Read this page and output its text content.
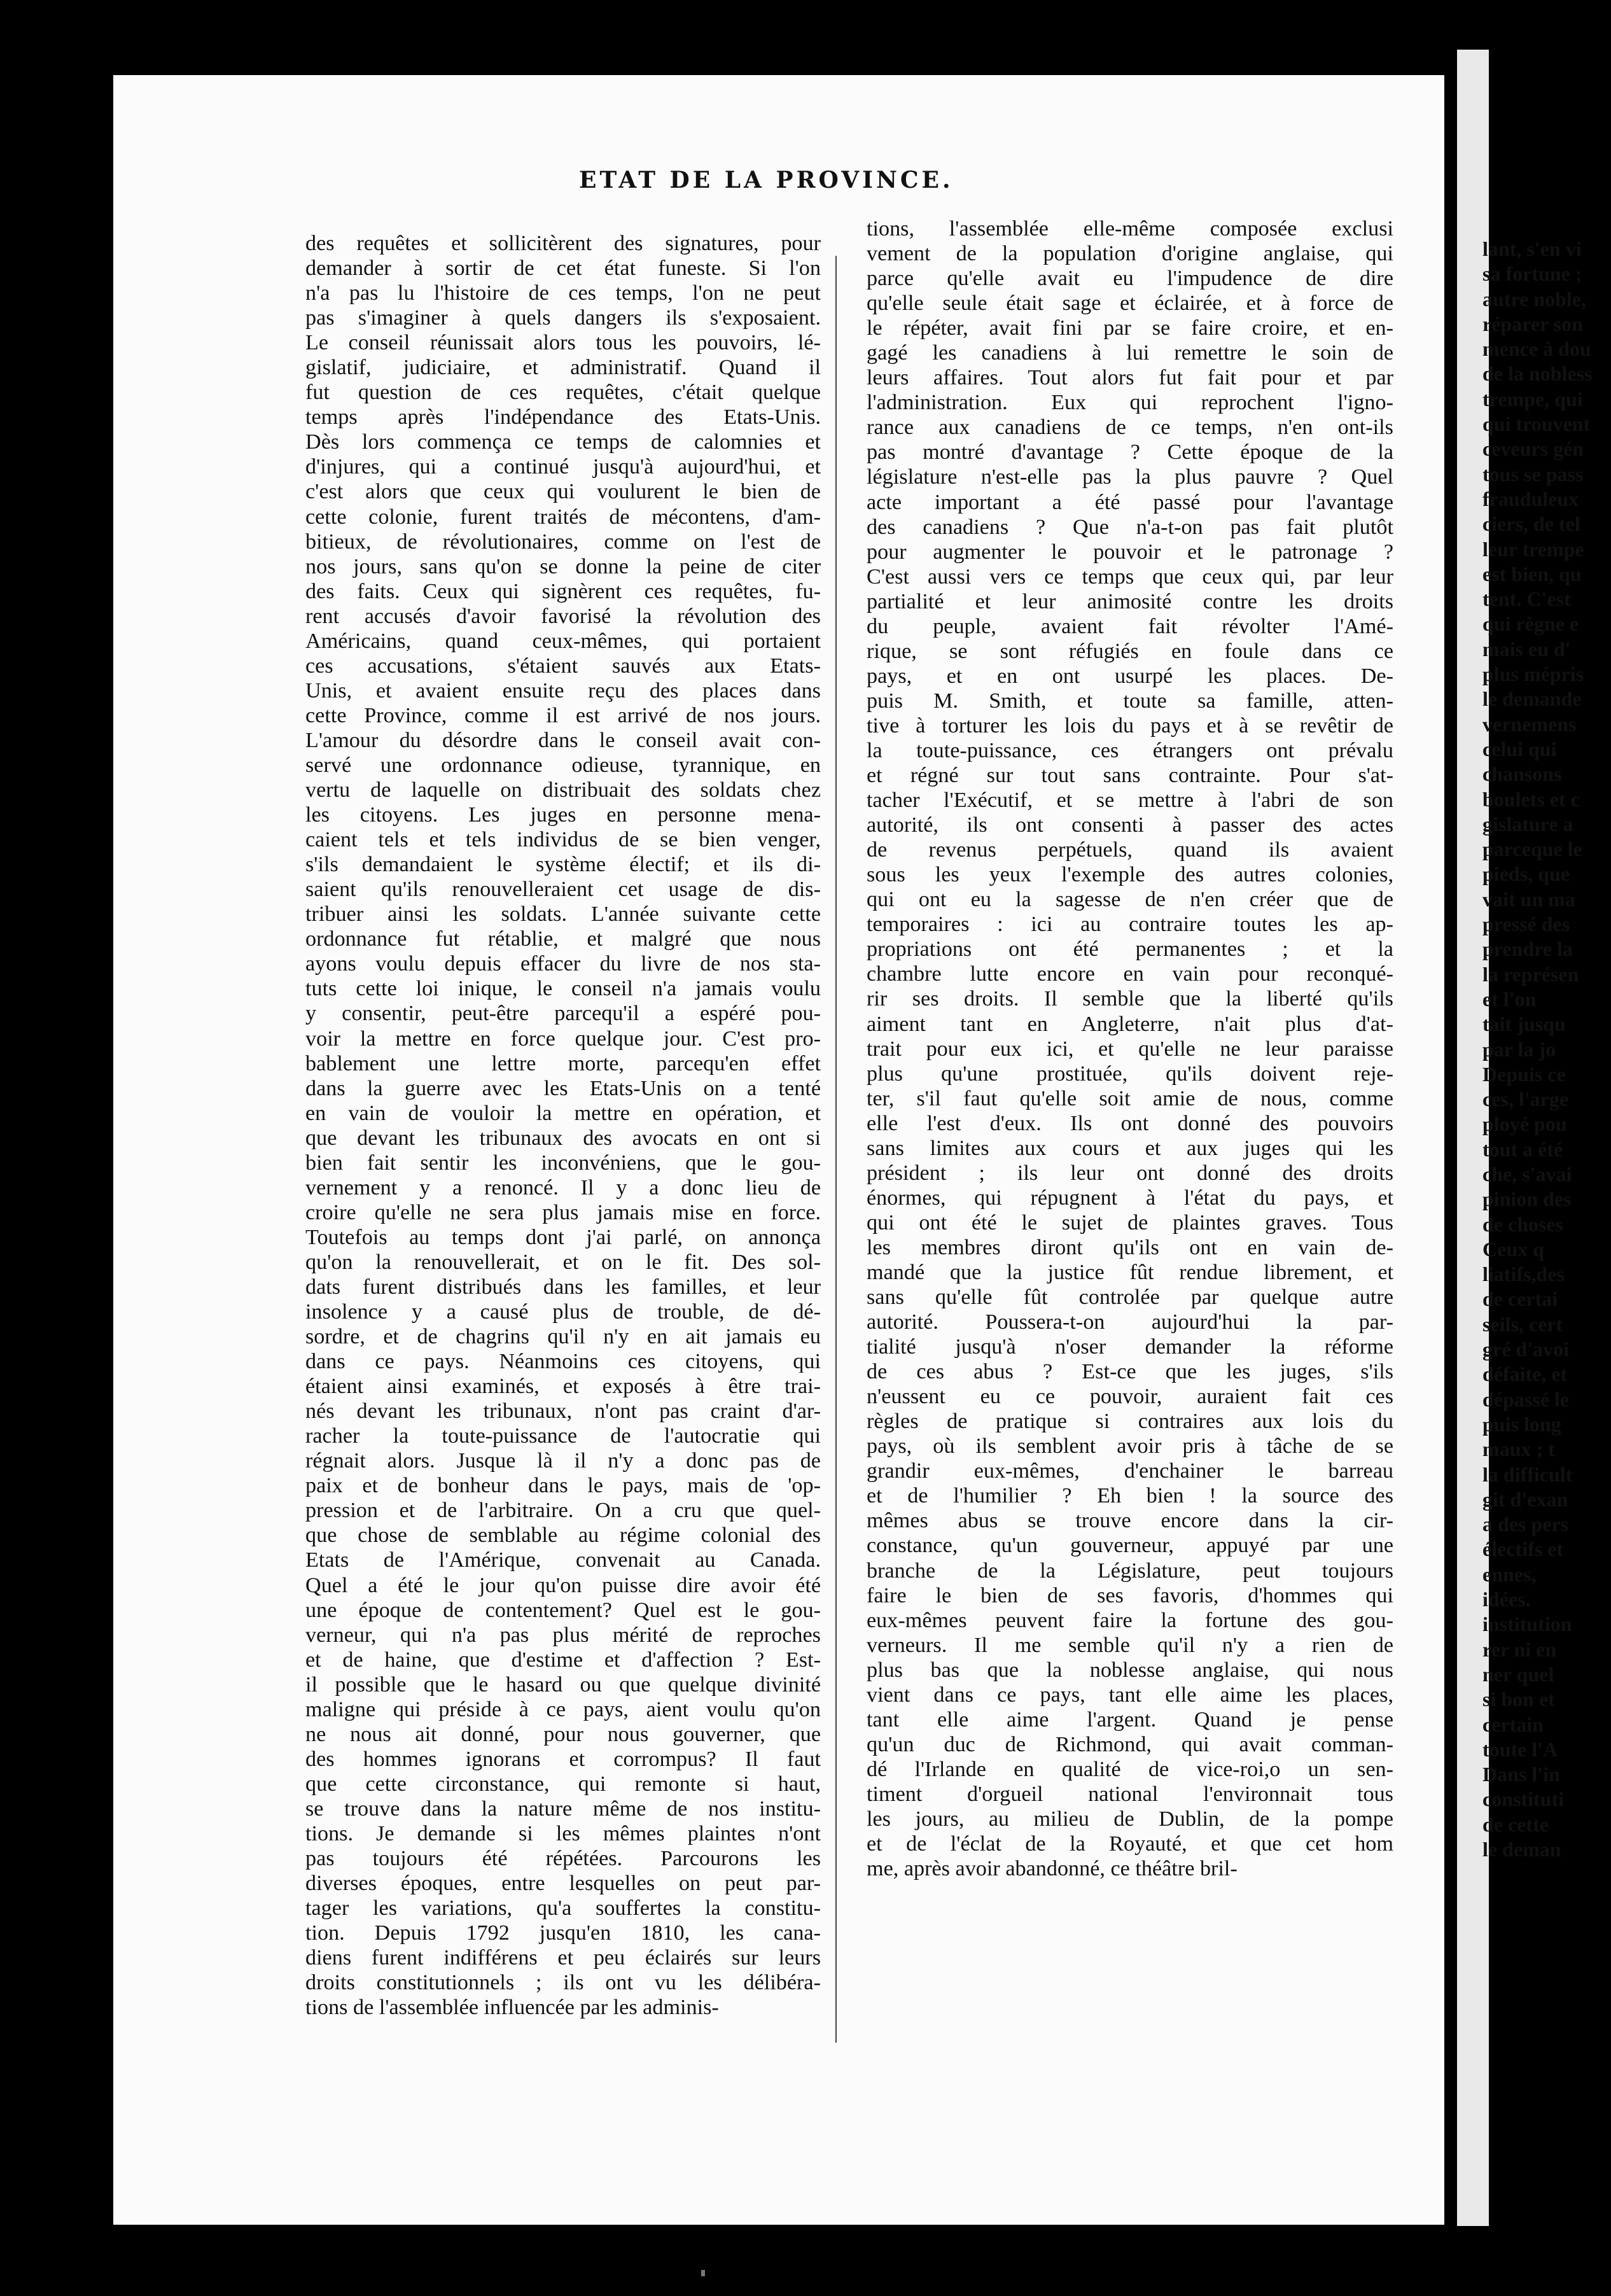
ETAT DE LA PROVINCE.
des requêtes et sollicitèrent des signatures, pour
demander à sortir de cet état funeste. Si l'on
n'a pas lu l'histoire de ces temps, l'on ne peut
pas s'imaginer à quels dangers ils s'exposaient.
Le conseil réunissait alors tous les pouvoirs, lé-
gislatif, judiciaire, et administratif. Quand il
fut question de ces requêtes, c'était quelque
temps après l'indépendance des Etats-Unis.
Dès lors commença ce temps de calomnies et
d'injures, qui a continué jusqu'à aujourd'hui, et
c'est alors que ceux qui voulurent le bien de
cette colonie, furent traités de mécontens, d'am-
bitieux, de révolutionaires, comme on l'est de
nos jours, sans qu'on se donne la peine de citer
des faits. Ceux qui signèrent ces requêtes, fu-
rent accusés d'avoir favorisé la révolution des
Américains, quand ceux-mêmes, qui portaient
ces accusations, s'étaient sauvés aux Etats-
Unis, et avaient ensuite reçu des places dans
cette Province, comme il est arrivé de nos jours.
L'amour du désordre dans le conseil avait con-
servé une ordonnance odieuse, tyrannique, en
vertu de laquelle on distribuait des soldats chez
les citoyens. Les juges en personne mena-
caient tels et tels individus de se bien venger,
s'ils demandaient le système électif; et ils di-
saient qu'ils renouvelleraient cet usage de dis-
tribuer ainsi les soldats. L'année suivante cette
ordonnance fut rétablie, et malgré que nous
ayons voulu depuis effacer du livre de nos sta-
tuts cette loi inique, le conseil n'a jamais voulu
y consentir, peut-être parcequ'il a espéré pou-
voir la mettre en force quelque jour. C'est pro-
bablement une lettre morte, parcequ'en effet
dans la guerre avec les Etats-Unis on a tenté
en vain de vouloir la mettre en opération, et
que devant les tribunaux des avocats en ont si
bien fait sentir les inconvéniens, que le gou-
vernement y a renoncé. Il y a donc lieu de
croire qu'elle ne sera plus jamais mise en force.
Toutefois au temps dont j'ai parlé, on annonça
qu'on la renouvellerait, et on le fit. Des sol-
dats furent distribués dans les familles, et leur
insolence y a causé plus de trouble, de dé-
sordre, et de chagrins qu'il n'y en ait jamais eu
dans ce pays. Néanmoins ces citoyens, qui
étaient ainsi examinés, et exposés à être trai-
nés devant les tribunaux, n'ont pas craint d'ar-
racher la toute-puissance de l'autocratie qui
régnait alors. Jusque là il n'y a donc pas de
paix et de bonheur dans le pays, mais de 'op-
pression et de l'arbitraire. On a cru que quel-
que chose de semblable au régime colonial des
Etats de l'Amérique, convenait au Canada.
Quel a été le jour qu'on puisse dire avoir été
une époque de contentement? Quel est le gou-
verneur, qui n'a pas plus mérité de reproches
et de haine, que d'estime et d'affection ? Est-
il possible que le hasard ou que quelque divinité
maligne qui préside à ce pays, aient voulu qu'on
ne nous ait donné, pour nous gouverner, que
des hommes ignorans et corrompus? Il faut
que cette circonstance, qui remonte si haut,
se trouve dans la nature même de nos institu-
tions. Je demande si les mêmes plaintes n'ont
pas toujours été répétées. Parcourons les
diverses époques, entre lesquelles on peut par-
tager les variations, qu'a souffertes la constitu-
tion. Depuis 1792 jusqu'en 1810, les cana-
diens furent indifférens et peu éclairés sur leurs
droits constitutionnels ; ils ont vu les délibéra-
tions de l'assemblée influencée par les adminis-
tions, l'assemblée elle-même composée exclusi
vement de la population d'origine anglaise, qui
parce qu'elle avait eu l'impudence de dire
qu'elle seule était sage et éclairée, et à force de
le répéter, avait fini par se faire croire, et en-
gagé les canadiens à lui remettre le soin de
leurs affaires. Tout alors fut fait pour et par
l'administration. Eux qui reprochent l'igno-
rance aux canadiens de ce temps, n'en ont-ils
pas montré d'avantage ? Cette époque de la
législature n'est-elle pas la plus pauvre ? Quel
acte important a été passé pour l'avantage
des canadiens ? Que n'a-t-on pas fait plutôt
pour augmenter le pouvoir et le patronage ?
C'est aussi vers ce temps que ceux qui, par leur
partialité et leur animosité contre les droits
du peuple, avaient fait révolter l'Amé-
rique, se sont réfugiés en foule dans ce
pays, et en ont usurpé les places. De-
puis M. Smith, et toute sa famille, atten-
tive à torturer les lois du pays et à se revêtir de
la toute-puissance, ces étrangers ont prévalu
et régné sur tout sans contrainte. Pour s'at-
tacher l'Exécutif, et se mettre à l'abri de son
autorité, ils ont consenti à passer des actes
de revenus perpétuels, quand ils avaient
sous les yeux l'exemple des autres colonies,
qui ont eu la sagesse de n'en créer que de
temporaires : ici au contraire toutes les ap-
propriations ont été permanentes ; et la
chambre lutte encore en vain pour reconqué-
rir ses droits. Il semble que la liberté qu'ils
aiment tant en Angleterre, n'ait plus d'at-
trait pour eux ici, et qu'elle ne leur paraisse
plus qu'une prostituée, qu'ils doivent reje-
ter, s'il faut qu'elle soit amie de nous, comme
elle l'est d'eux. Ils ont donné des pouvoirs
sans limites aux cours et aux juges qui les
président ; ils leur ont donné des droits
énormes, qui répugnent à l'état du pays, et
qui ont été le sujet de plaintes graves. Tous
les membres diront qu'ils ont en vain de-
mandé que la justice fût rendue librement, et
sans qu'elle fût controlée par quelque autre
autorité. Poussera-t-on aujourd'hui la par-
tialité jusqu'à n'oser demander la réforme
de ces abus ? Est-ce que les juges, s'ils
n'eussent eu ce pouvoir, auraient fait ces
règles de pratique si contraires aux lois du
pays, où ils semblent avoir pris à tâche de se
grandir eux-mêmes, d'enchainer le barreau
et de l'humilier ? Eh bien ! la source des
mêmes abus se trouve encore dans la cir-
constance, qu'un gouverneur, appuyé par une
branche de la Législature, peut toujours
faire le bien de ses favoris, d'hommes qui
eux-mêmes peuvent faire la fortune des gou-
verneurs. Il me semble qu'il n'y a rien de
plus bas que la noblesse anglaise, qui nous
vient dans ce pays, tant elle aime les places,
tant elle aime l'argent. Quand je pense
qu'un duc de Richmond, qui avait comman-
dé l'Irlande en qualité de vice-roi,o un sen-
timent d'orgueil national l'environnait tous
les jours, au milieu de Dublin, de la pompe
et de l'éclat de la Royauté, et que cet hom
me, après avoir abandonné, ce théâtre bril-
lant, s'en vi
sa fortune ;
autre noble,
réparer son
mence à dou
de la nobless
trempe, qui
qui trouvent
ceveurs gén
tous se pass
frauduleux
ciers, de tel
leur trempe
est bien, qu
tent. C'est
qui règne e
mais eu d'
plus mépris
le demande
vernemens
celui qui
chansons
boulets et c
gislature a
parceque le
pieds, que
vait un ma
pressé des
prendre la
la représen
et l'on
tait jusqu
par la jo
Depuis ce
ces, l'arge
ployé pou
tout a été
che, s'avai
pinion des
de choses
Ceux q
liatifs,des
de certai
seils, cert
gré d'avoi
défaite, et
dépassé le
puis long
maux ; t
la difficult
git d'exan
a des pers
électifs et
ennes,
idées.
institution
rer ni en
ner quel
si bon et
certain
toute l'A
Dans l'in
constituti
de cette
le deman
